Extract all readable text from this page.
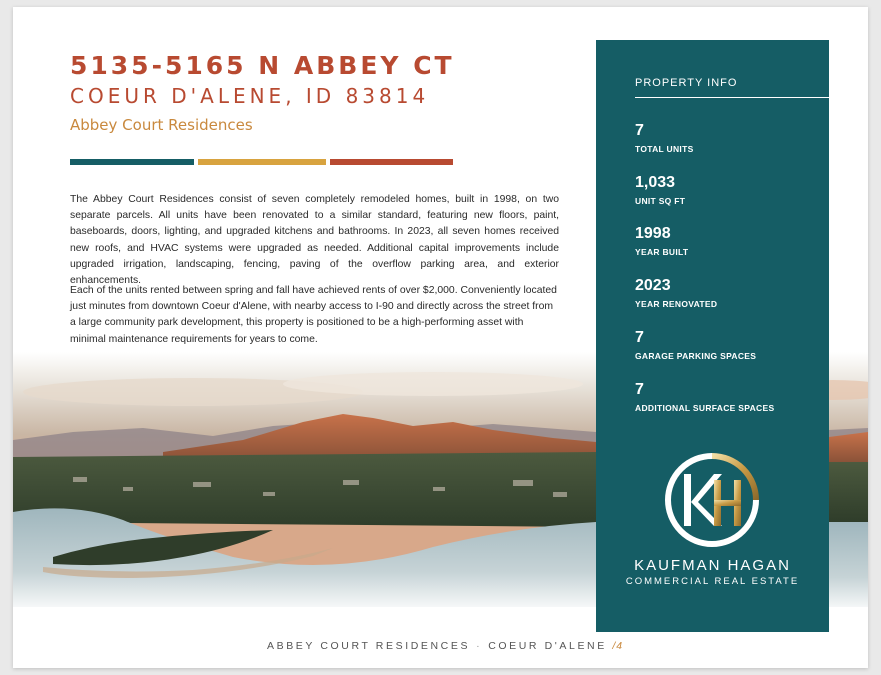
5135-5165 N ABBEY CT
COEUR D'ALENE, ID 83814
Abbey Court Residences

The Abbey Court Residences consist of seven completely remodeled homes, built in 1998, on two separate parcels. All units have been renovated to a similar standard, featuring new floors, paint, baseboards, doors, lighting, and upgraded kitchens and bathrooms. In 2023, all seven homes received new roofs, and HVAC systems were upgraded as needed. Additional capital improvements include upgraded irrigation, landscaping, fencing, paving of the overflow parking area, and exterior enhancements.

Each of the units rented between spring and fall have achieved rents of over $2,000. Conveniently located just minutes from downtown Coeur d'Alene, with nearby access to I-90 and directly across the street from a large community park development, this property is positioned to be a high-performing asset with minimal maintenance requirements for years to come.

PROPERTY INFO
7
TOTAL UNITS
1,033
UNIT SQ FT
1998
YEAR BUILT
2023
YEAR RENOVATED
7
GARAGE PARKING SPACES
7
ADDITIONAL SURFACE SPACES
KAUFMAN HAGAN
COMMERCIAL REAL ESTATE
ABBEY COURT RESIDENCES · COEUR D'ALENE /4
